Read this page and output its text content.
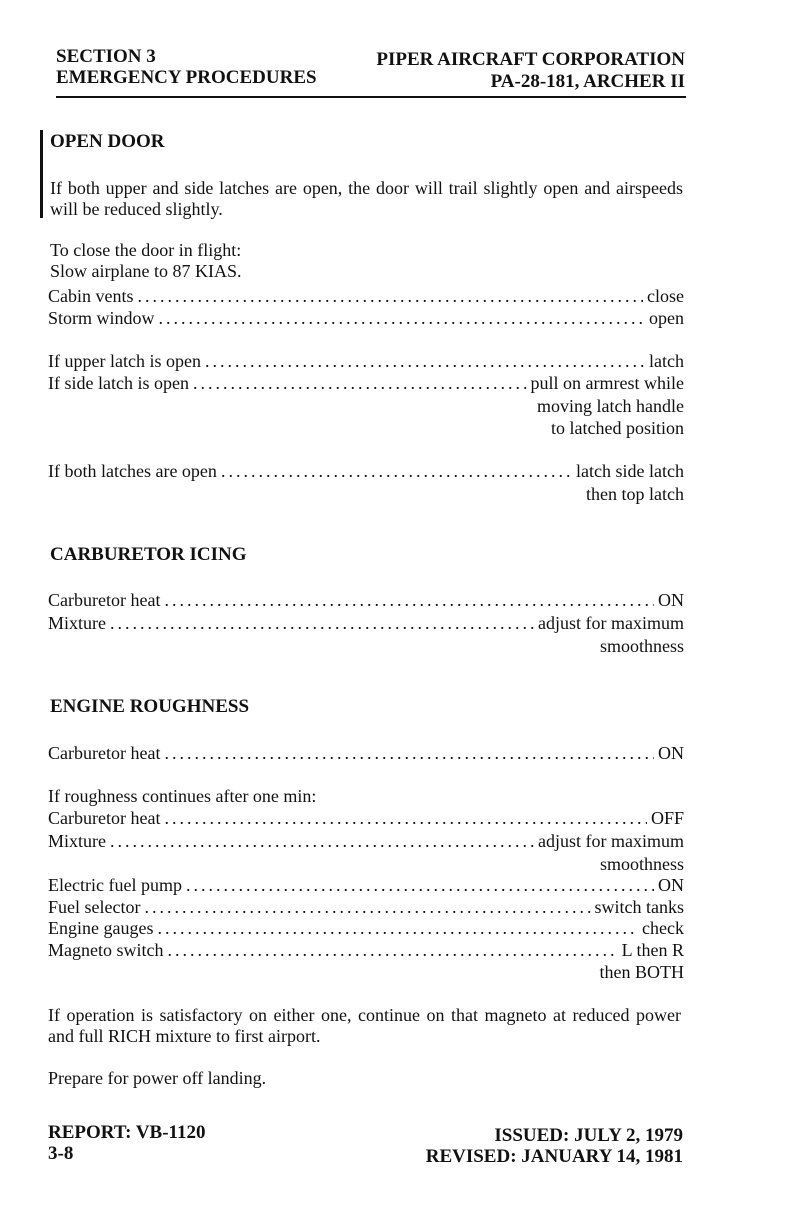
SECTION 3	PIPER AIRCRAFT CORPORATION
EMERGENCY PROCEDURES	PA-28-181, ARCHER II
OPEN DOOR
If both upper and side latches are open, the door will trail slightly open and airspeeds will be reduced slightly.
To close the door in flight:
Slow airplane to 87 KIAS.
Cabin vents .....	close
Storm window .....	open
If upper latch is open .....	latch
If side latch is open .....	pull on armrest while
moving latch handle
to latched position
If both latches are open .....	latch side latch
then top latch
CARBURETOR ICING
Carburetor heat .....	ON
Mixture .....	adjust for maximum
smoothness
ENGINE ROUGHNESS
Carburetor heat .....	ON
If roughness continues after one min:
Carburetor heat .....	OFF
Mixture .....	adjust for maximum
smoothness
Electric fuel pump .....	ON
Fuel selector .....	switch tanks
Engine gauges .....	check
Magneto switch .....	L then R
then BOTH
If operation is satisfactory on either one, continue on that magneto at reduced power and full RICH mixture to first airport.
Prepare for power off landing.
REPORT: VB-1120
3-8
ISSUED: JULY 2, 1979
REVISED: JANUARY 14, 1981
